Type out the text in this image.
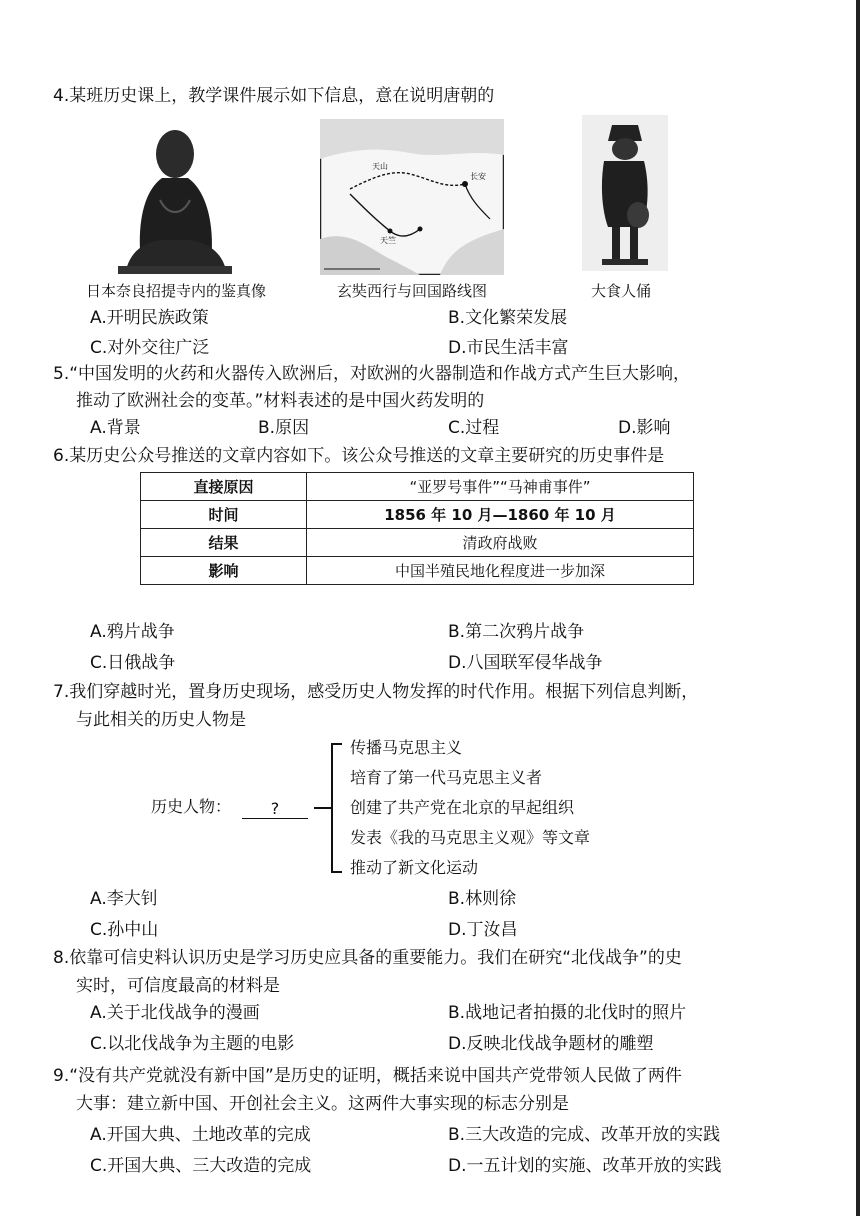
4.某班历史课上，教学课件展示如下信息，意在说明唐朝的
日本奈良招提寺内的鉴真像
天山
长安
天竺
玄奘西行与回国路线图	大食人俑
A.开明民族政策	B.文化繁荣发展
C.对外交往广泛	D.市民生活丰富
5.“中国发明的火药和火器传入欧洲后，对欧洲的火器制造和作战方式产生巨大影响，
推动了欧洲社会的变革。”材料表述的是中国火药发明的
A.背景	B.原因	C.过程	D.影响
6.某历史公众号推送的文章内容如下。该公众号推送的文章主要研究的历史事件是
直接原因	“亚罗号事件”“马神甫事件”
时间	1856 年 10 月—1860 年 10 月
结果	清政府战败
影响	中国半殖民地化程度进一步加深
A.鸦片战争	B.第二次鸦片战争
C.日俄战争	D.八国联军侵华战争
7.我们穿越时光，置身历史现场，感受历史人物发挥的时代作用。根据下列信息判断，
与此相关的历史人物是
历史人物：	?
传播马克思主义
培育了第一代马克思主义者
创建了共产党在北京的早起组织
发表《我的马克思主义观》等文章
推动了新文化运动
A.李大钊	B.林则徐
C.孙中山	D.丁汝昌
8.依靠可信史料认识历史是学习历史应具备的重要能力。我们在研究“北伐战争”的史
实时，可信度最高的材料是
A.关于北伐战争的漫画	B.战地记者拍摄的北伐时的照片
C.以北伐战争为主题的电影	D.反映北伐战争题材的雕塑
9.“没有共产党就没有新中国”是历史的证明，概括来说中国共产党带领人民做了两件
大事：建立新中国、开创社会主义。这两件大事实现的标志分别是
A.开国大典、土地改革的完成	B.三大改造的完成、改革开放的实践
C.开国大典、三大改造的完成	D.一五计划的实施、改革开放的实践
